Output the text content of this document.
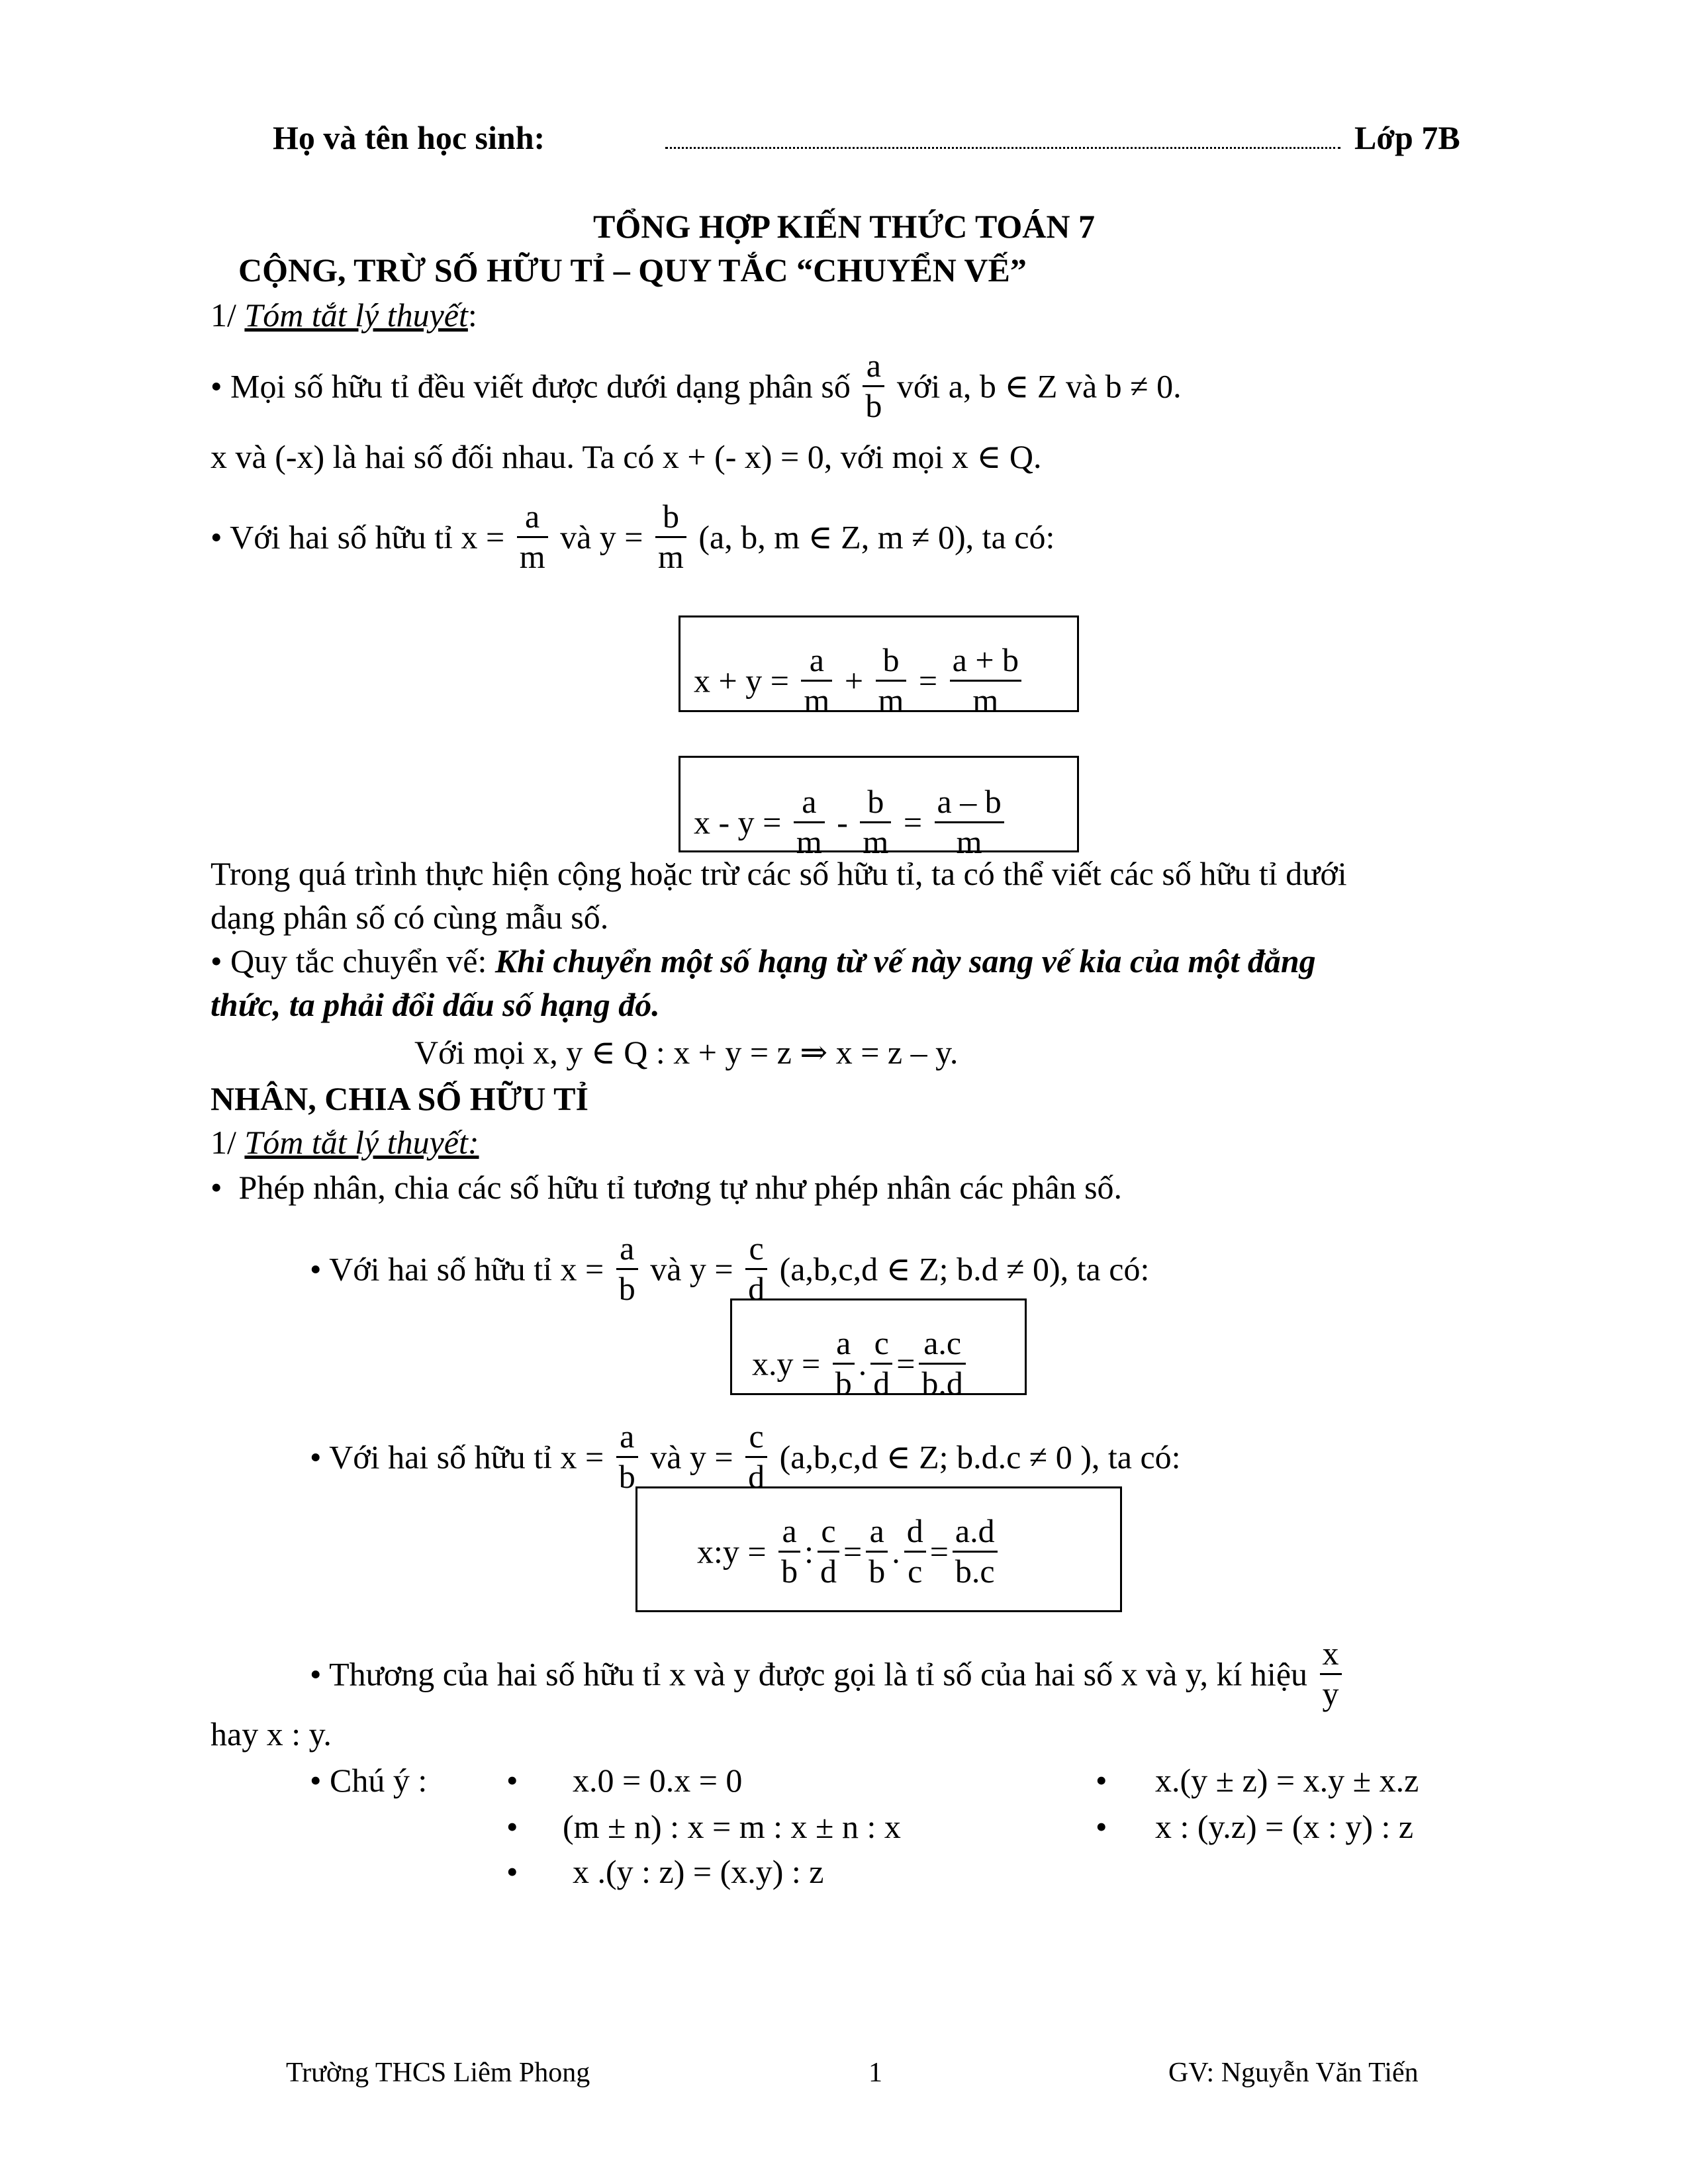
Họ và tên học sinh:	Lớp 7B
TỔNG HỢP KIẾN THỨC TOÁN 7
CỘNG, TRỪ SỐ HỮU TỈ – QUY TẮC “CHUYỂN VẾ”
1/ Tóm tắt lý thuyết:
• Mọi số hữu tỉ đều viết được dưới dạng phân số $\frac{a}{b}$ với a, b ∈ Z và b ≠ 0.
x và (-x) là hai số đối nhau. Ta có x + (- x) = 0, với mọi x ∈ Q.
• Với hai số hữu tỉ $x = \frac{a}{m}$ và $y = \frac{b}{m} (a$, b, m ∈ Z, m ≠ 0), ta có:
$x + y = \frac{a}{m} + \frac{b}{m} = \frac{a + b}{m}$
$x - y = \frac{a}{m} - \frac{b}{m} = \frac{a - b}{m}$
Trong quá trình thực hiện cộng hoặc trừ các số hữu tỉ, ta có thể viết các số hữu tỉ dưới
dạng phân số có cùng mẫu số.
• Quy tắc chuyển vế: Khi chuyển một số hạng từ vế này sang vế kia của một đẳng
thức, ta phải đổi dấu số hạng đó.
Với mọi x, y ∈ Q : x + y = z ⇒ x = z – y.
NHÂN, CHIA SỐ HỮU TỈ
1/ Tóm tắt lý thuyết:
• Phép nhân, chia các số hữu tỉ tương tự như phép nhân các phân số.
• Với hai số hữu tỉ $x = \frac{a}{b}$ và $y = \frac{c}{d} (a,b,c,d$ ∈ Z; b.d ≠ 0), ta có:
$x.y = \frac{a}{b}$ . $\frac{c}{d} = \frac{a.c}{b.d}$
• Với hai số hữu tỉ $x = \frac{a}{b}$ và $y = \frac{c}{d} (a,b,c,d$ ∈ Z; b.d.c ≠ 0 ), ta có:
x:y = $\frac{a}{b}$ : $\frac{c}{d} = \frac{a}{b}$ . $\frac{d}{c} = \frac{a.d}{b.c}$
• Thương của hai số hữu tỉ x và y được gọi là tỉ số của hai số x và y, kí hiệu $\frac{x}{y}$
hay x : y.
• Chú ý : • x.0 = 0.x = 0
• (m ± n) : x = m : x ± n : x
• x .(y : z) = (x.y) : z
• x.(y ± z) = x.y ± x.z
• x : (y.z) = (x : y) : z
Trường THCS Liêm Phong	1	GV: Nguyễn Văn Tiến
